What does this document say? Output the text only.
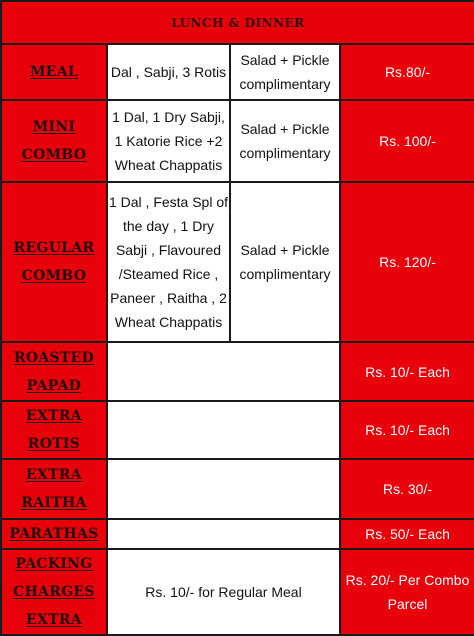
LUNCH & DINNER			
MEAL	Dal , Sabji, 3 Rotis	Salad + Pickle complimentary	Rs.80/-
MINI COMBO	1 Dal, 1 Dry Sabji, 1 Katorie Rice +2 Wheat Chappatis	Salad + Pickle complimentary	Rs. 100/-
REGULAR COMBO	1 Dal , Festa Spl of the day , 1 Dry Sabji , Flavoured /Steamed Rice , Paneer , Raitha , 2 Wheat Chappatis	Salad + Pickle complimentary	Rs. 120/-
ROASTED PAPAD			Rs. 10/- Each
EXTRA ROTIS			Rs. 10/- Each
EXTRA RAITHA			Rs. 30/-
PARATHAS			Rs. 50/- Each
PACKING CHARGES EXTRA	Rs. 10/- for Regular Meal		Rs. 20/- Per Combo Parcel
ato
